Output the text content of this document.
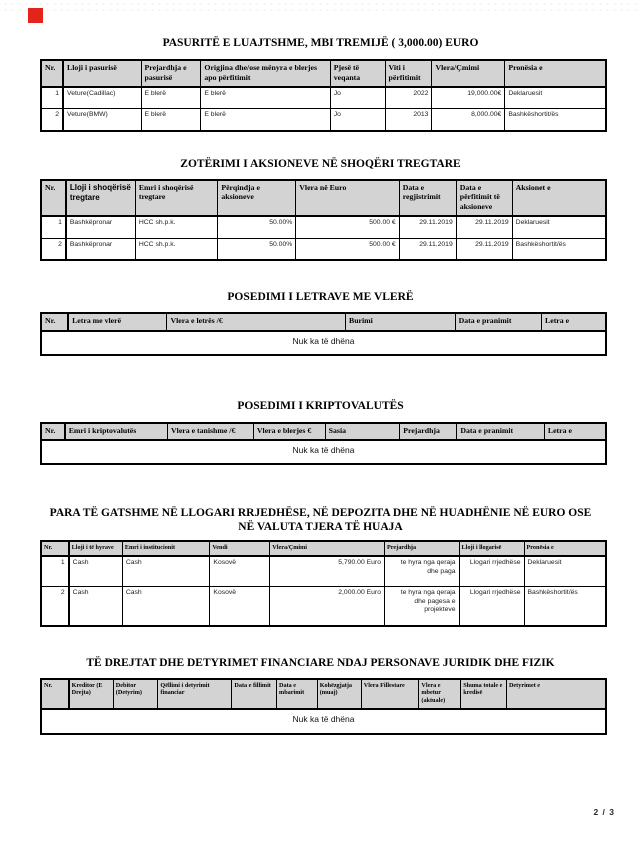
PASURITË E LUAJTSHME, MBI TREMIJË ( 3,000.00) EURO
Nr.	Lloji i pasurisë	Prejardhja e pasurisë	Origjina dhe/ose mënyra e blerjes apo përfitimit	Pjesë të veqanta	Viti i përfitimit	Vlera/Çmimi	Pronësia e
1	Veture(Cadillac)	E blerë	E blerë	Jo	2022	19,000.00€	Deklaruesit
2	Veture(BMW)	E blerë	E blerë	Jo	2013	8,000.00€	Bashkëshortit/ës
ZOTËRIMI I AKSIONEVE NË SHOQËRI TREGTARE
Nr.	Lloji i shoqërisë tregtare	Emri i shoqërisë tregtare	Përqindja e aksioneve	Vlera në Euro	Data e regjistrimit	Data e përfitimit të aksioneve	Aksionet e
1	Bashkëpronar	HCC sh.p.k.	50.00%	500.00 €	29.11.2019	29.11.2019	Deklaruesit
2	Bashkëpronar	HCC sh.p.k.	50.00%	500.00 €	29.11.2019	29.11.2019	Bashkëshortit/ës
POSEDIMI I LETRAVE ME VLERË
Nr.	Letra me vlerë	Vlera e letrës /€	Burimi	Data e pranimit	Letra e
Nuk ka të dhëna
POSEDIMI I KRIPTOVALUTËS
Nr.	Emri i kriptovalutës	Vlera e tanishme /€	Vlera e blerjes €	Sasia	Prejardhja	Data e pranimit	Letra e
Nuk ka të dhëna
PARA TË GATSHME NË LLOGARI RRJEDHËSE, NË DEPOZITA DHE NË HUADHËNIE NË EURO OSE NË VALUTA TJERA TË HUAJA
Nr.	Lloji i të hyrave	Emri i institucionit	Vendi	Vlera/Çmimi	Prejardhja	Lloji i llogarisë	Pronësia e
1	Cash	Cash	Kosovë	5,790.00 Euro	te hyra nga qeraja dhe paga	Llogari rrjedhëse	Deklaruesit
2	Cash	Cash	Kosovë	2,000.00 Euro	te hyra nga qeraja dhe pagesa e projekteve	Llogari rrjedhëse	Bashkëshortit/ës
TË DREJTAT DHE DETYRIMET FINANCIARE NDAJ PERSONAVE JURIDIK DHE FIZIK
Nr.	Kreditor (E Drejta)	Debitor (Detyrim)	Qëllimi i detyrimit financiar	Data e fillimit	Data e mbarimit	Kohëzgjatja (muaj)	Vlera Fillestare	Vlera e mbetur (aktuale)	Shuma totale e kredisë	Detyrimet e
Nuk ka të dhëna
2 / 3
